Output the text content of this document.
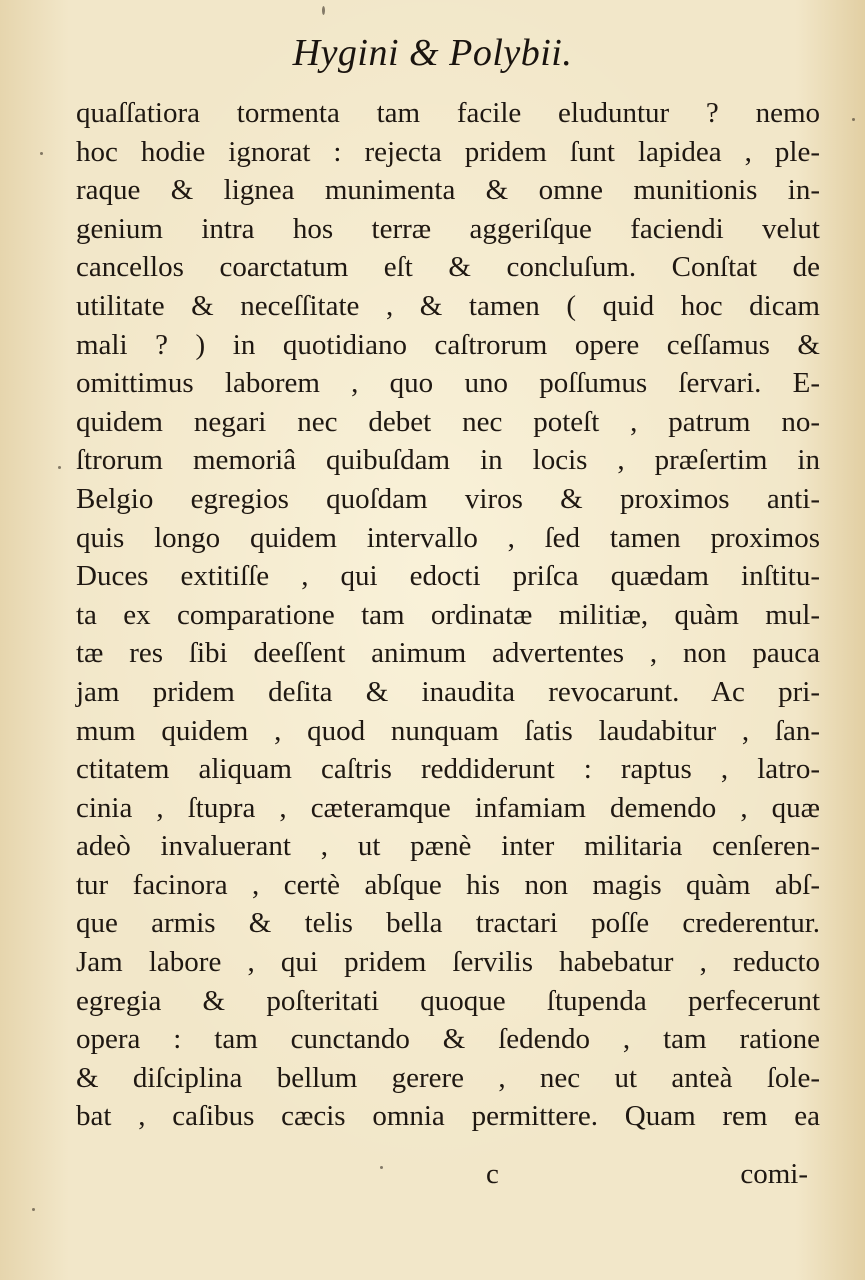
Hygini & Polybii.
quaſſatiora tormenta tam facile eluduntur ? nemo
hoc hodie ignorat : rejecta pridem ſunt lapidea , ple-
raque & lignea munimenta & omne munitionis in-
genium intra hos terræ aggeriſque faciendi velut
cancellos coarctatum eſt & concluſum. Conſtat de
utilitate & neceſſitate , & tamen ( quid hoc dicam
mali ? ) in quotidiano caſtrorum opere ceſſamus &
omittimus laborem , quo uno poſſumus ſervari. E-
quidem negari nec debet nec poteſt , patrum no-
ſtrorum memoriâ quibuſdam in locis , præſertim in
Belgio egregios quoſdam viros & proximos anti-
quis longo quidem intervallo , ſed tamen proximos
Duces extitiſſe , qui edocti priſca quædam inſtitu-
ta ex comparatione tam ordinatæ militiæ, quàm mul-
tæ res ſibi deeſſent animum advertentes , non pauca
jam pridem deſita & inaudita revocarunt. Ac pri-
mum quidem , quod nunquam ſatis laudabitur , ſan-
ctitatem aliquam caſtris reddiderunt : raptus , latro-
cinia , ſtupra , cæteramque infamiam demendo , quæ
adeò invaluerant , ut pænè inter militaria cenſeren-
tur facinora , certè abſque his non magis quàm abſ-
que armis & telis bella tractari poſſe crederentur.
Jam labore , qui pridem ſervilis habebatur , reducto
egregia & poſteritati quoque ſtupenda perfecerunt
opera : tam cunctando & ſedendo , tam ratione
& diſciplina bellum gerere , nec ut anteà ſole-
bat , caſibus cæcis omnia permittere. Quam rem ea
c	comi-
